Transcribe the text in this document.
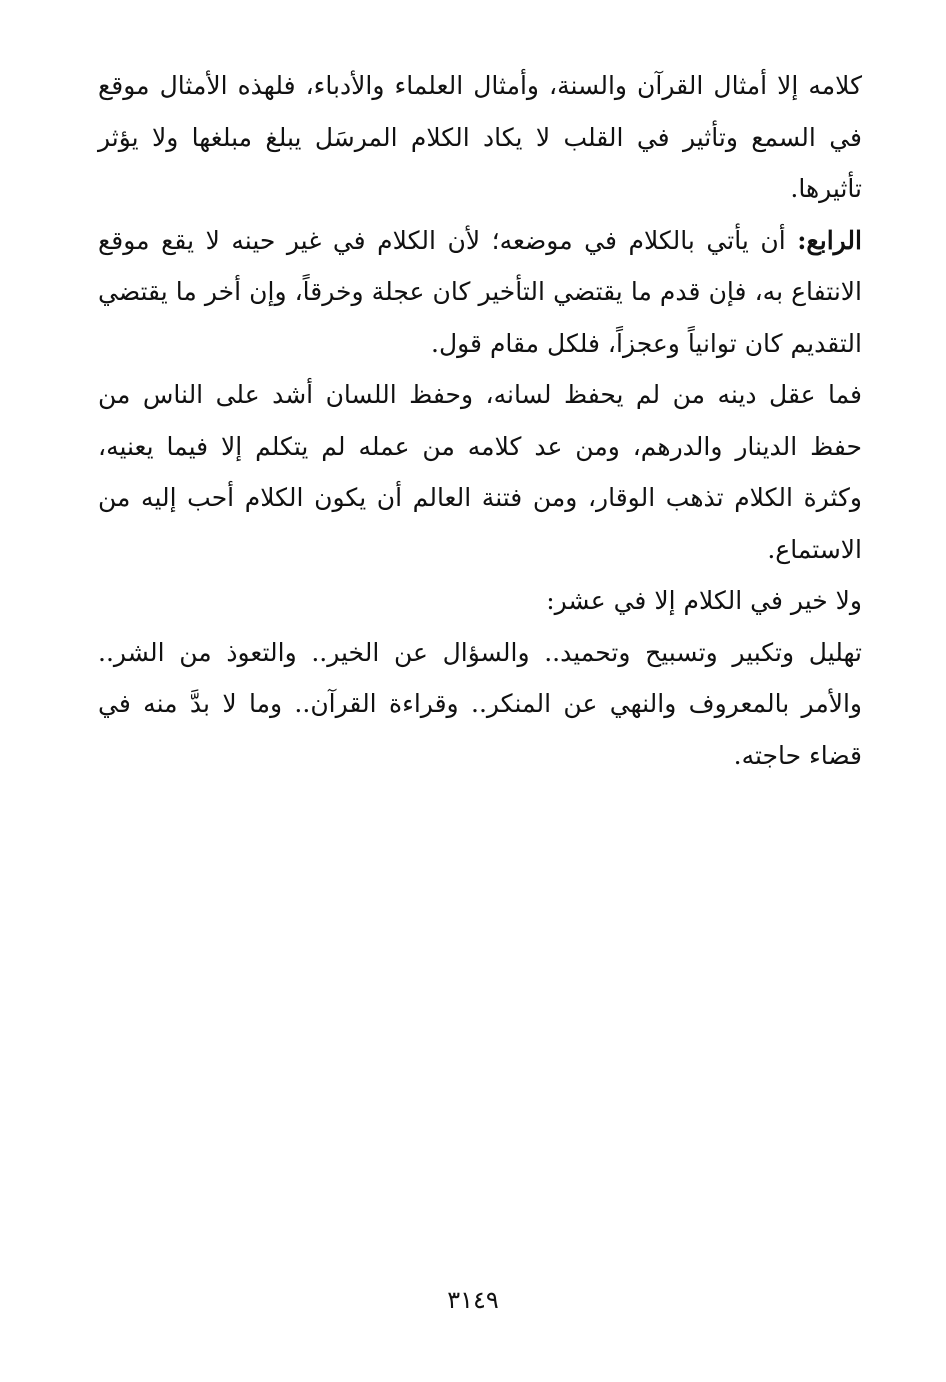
كلامه إلا أمثال القرآن والسنة، وأمثال العلماء والأدباء، فلهذه الأمثال موقع في السمع وتأثير في القلب لا يكاد الكلام المرسَل يبلغ مبلغها ولا يؤثر تأثيرها.

الرابع: أن يأتي بالكلام في موضعه؛ لأن الكلام في غير حينه لا يقع موقع الانتفاع به، فإن قدم ما يقتضي التأخير كان عجلة وخرقاً، وإن أخر ما يقتضي التقديم كان توانياً وعجزاً، فلكل مقام قول.

فما عقل دينه من لم يحفظ لسانه، وحفظ اللسان أشد على الناس من حفظ الدينار والدرهم، ومن عد كلامه من عمله لم يتكلم إلا فيما يعنيه، وكثرة الكلام تذهب الوقار، ومن فتنة العالم أن يكون الكلام أحب إليه من الاستماع.

ولا خير في الكلام إلا في عشر:

تهليل وتكبير وتسبيح وتحميد.. والسؤال عن الخير.. والتعوذ من الشر.. والأمر بالمعروف والنهي عن المنكر.. وقراءة القرآن.. وما لا بدَّ منه في قضاء حاجته.

٣١٤٩
